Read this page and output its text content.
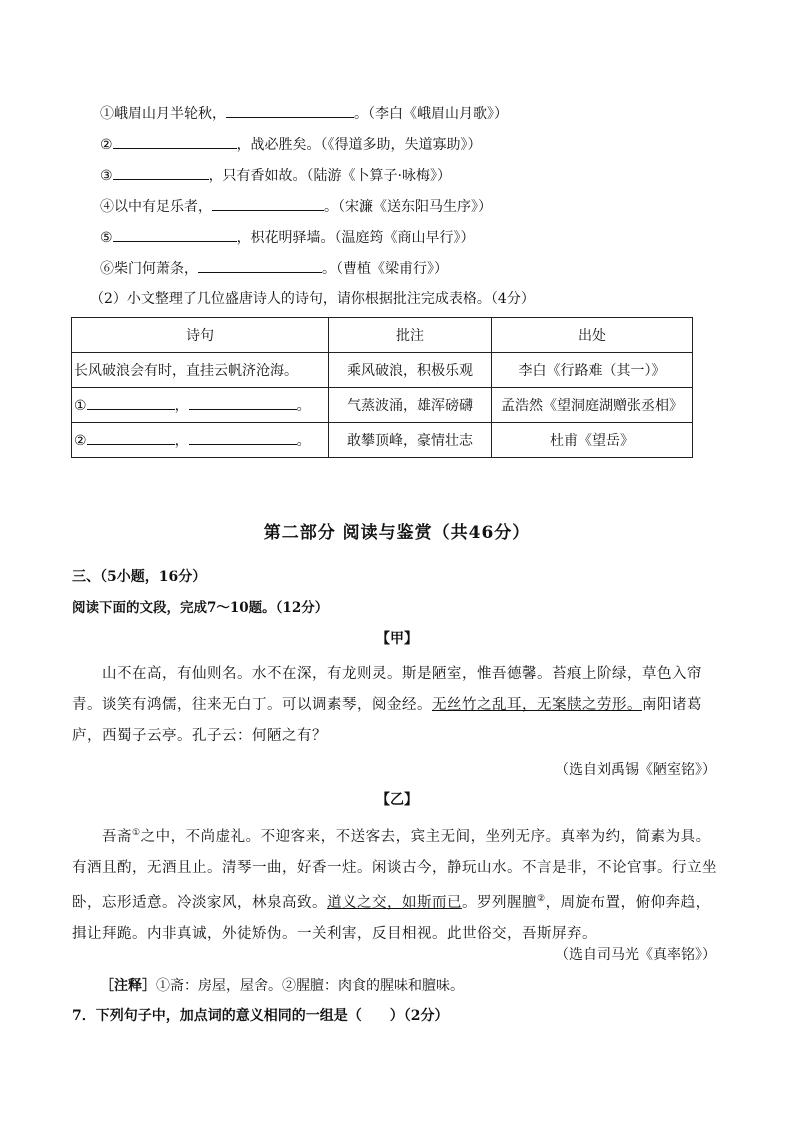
①峨眉山月半轮秋，	。（李白《峨眉山月歌》）
②	，战必胜矣。（《得道多助，失道寡助》）
③	，只有香如故。（陆游《卜算子·咏梅》）
④以中有足乐者，	。（宋濂《送东阳马生序》）
⑤	，枳花明驿墙。（温庭筠《商山早行》）
⑥柴门何萧条，	。（曹植《梁甫行》）
（2）小文整理了几位盛唐诗人的诗句，请你根据批注完成表格。（4分）
诗句	批注	出处
长风破浪会有时，直挂云帆济沧海。	乘风破浪，积极乐观	李白《行路难（其一）》
① ， 。	气蒸波涌，雄浑磅礴	孟浩然《望洞庭湖赠张丞相》
② ， 。	敢攀顶峰，豪情壮志	杜甫《望岳》
第二部分 阅读与鉴赏（共46分）
三、（5小题，16分）
阅读下面的文段，完成7～10题。（12分）
【甲】
山不在高，有仙则名。水不在深，有龙则灵。斯是陋室，惟吾德馨。苔痕上阶绿，草色入帘青。谈笑有鸿儒，往来无白丁。可以调素琴，阅金经。无丝竹之乱耳，无案牍之劳形。南阳诸葛庐，西蜀子云亭。孔子云：何陋之有？
（选自刘禹锡《陋室铭》）
【乙】
吾斋①之中，不尚虚礼。不迎客来，不送客去，宾主无间，坐列无序。真率为约，简素为具。有酒且酌，无酒且止。清琴一曲，好香一炷。闲谈古今，静玩山水。不言是非，不论官事。行立坐卧，忘形适意。冷淡家风，林泉高致。道义之交，如斯而已。罗列腥膻②，周旋布置，俯仰奔趋，揖让拜跪。内非真诚，外徒矫伪。一关利害，反目相视。此世俗交，吾斯屏弃。
（选自司马光《真率铭》）
［注释］①斋：房屋，屋舍。②腥膻：肉食的腥味和膻味。
7．下列句子中，加点词的意义相同的一组是（　　）（2分）
